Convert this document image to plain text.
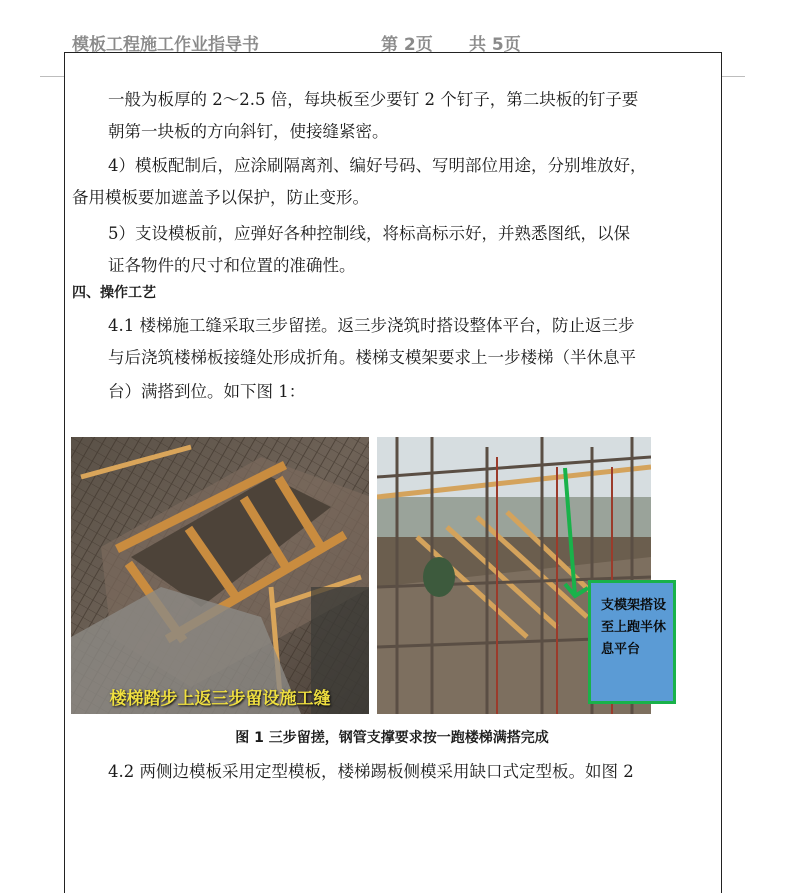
模板工程施工作业指导书	第 2页 共 5页
一般为板厚的 2～2.5 倍，每块板至少要钉 2 个钉子，第二块板的钉子要
朝第一块板的方向斜钉，使接缝紧密。
4）模板配制后，应涂刷隔离剂、编好号码、写明部位用途，分别堆放好，
备用模板要加遮盖予以保护，防止变形。
5）支设模板前，应弹好各种控制线，将标高标示好，并熟悉图纸，以保
证各物件的尺寸和位置的准确性。
四、操作工艺
4.1 楼梯施工缝采取三步留搓。返三步浇筑时搭设整体平台，防止返三步
与后浇筑楼梯板接缝处形成折角。楼梯支模架要求上一步楼梯（半休息平
台）满搭到位。如下图 1：
楼梯踏步上返三步留设施工缝
支模架搭设至上跑半休息平台
图 1 三步留搓，钢管支撑要求按一跑楼梯满搭完成
4.2 两侧边模板采用定型模板，楼梯踢板侧模采用缺口式定型板。如图 2
